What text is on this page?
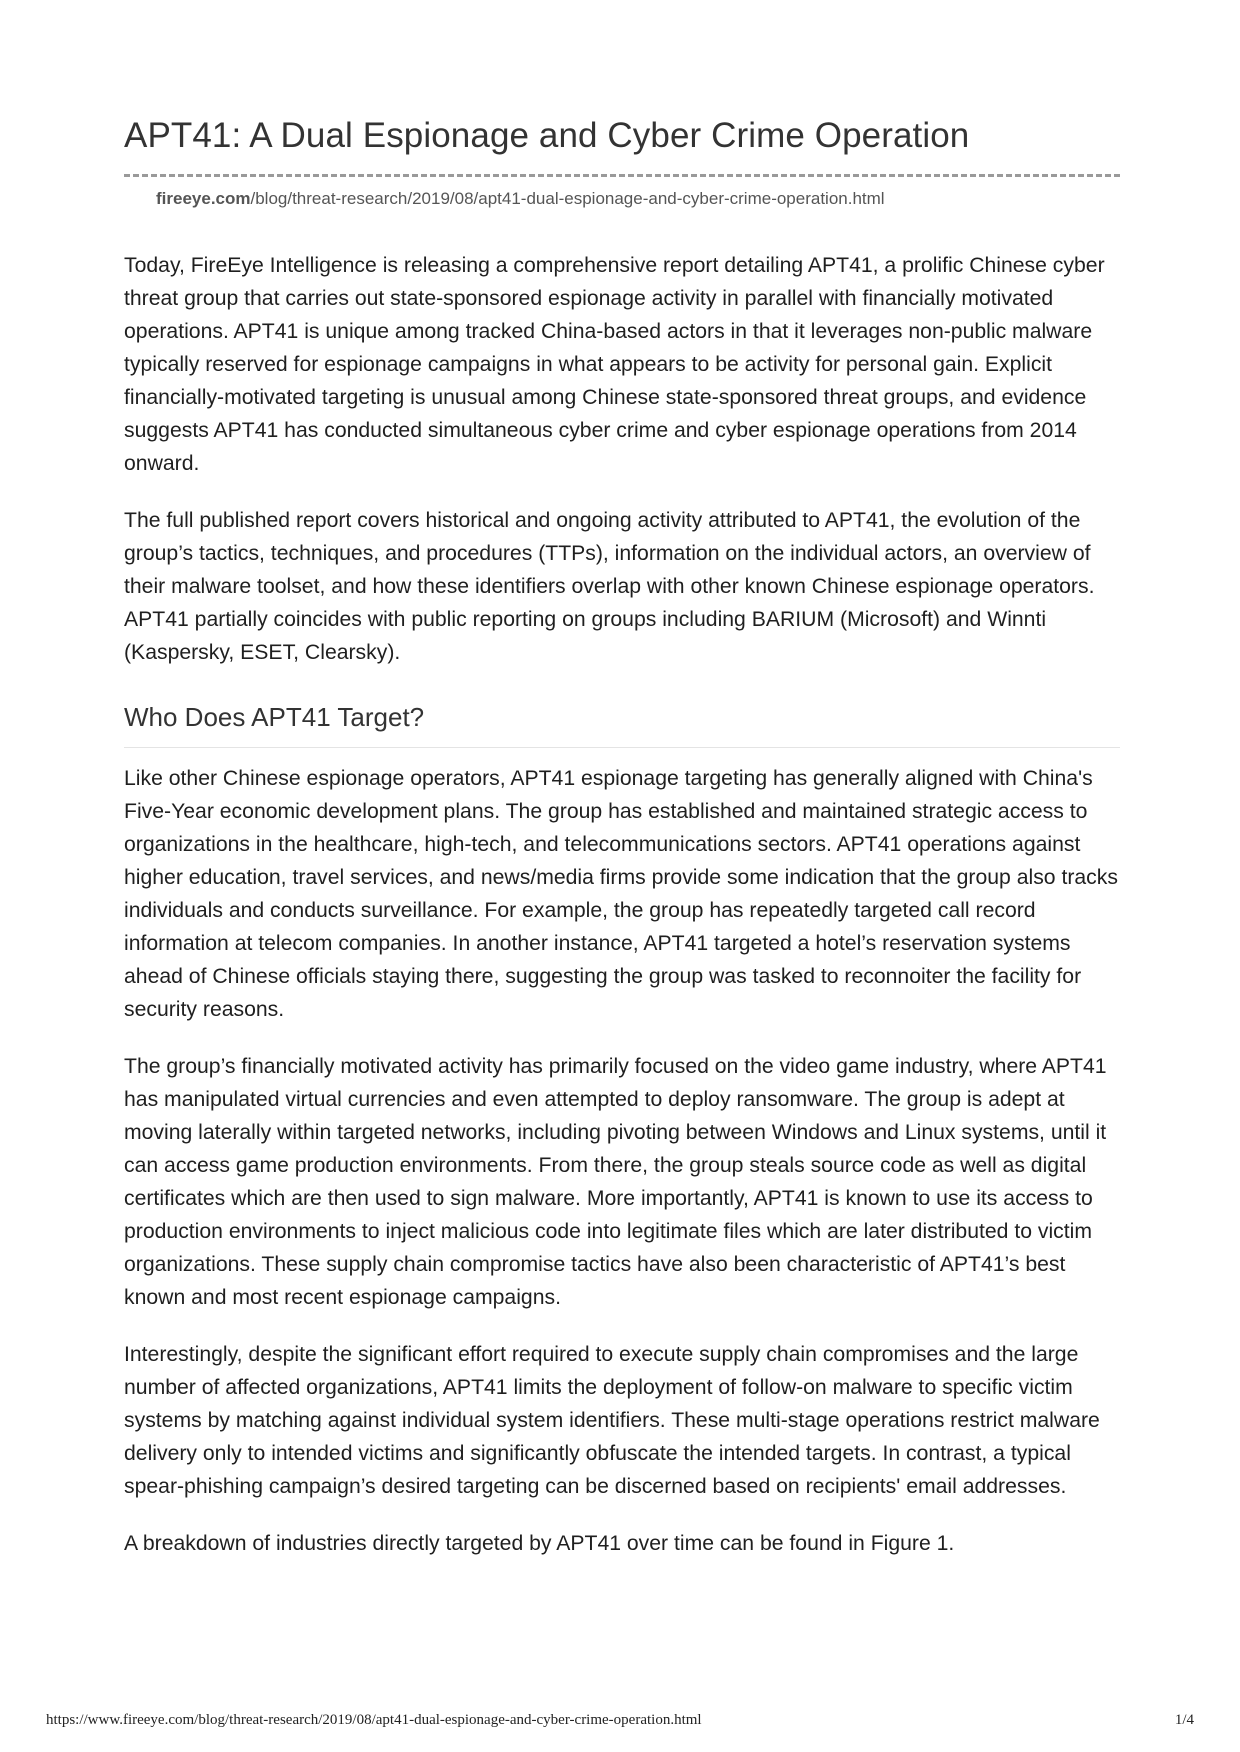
APT41: A Dual Espionage and Cyber Crime Operation
fireeye.com/blog/threat-research/2019/08/apt41-dual-espionage-and-cyber-crime-operation.html

Today, FireEye Intelligence is releasing a comprehensive report detailing APT41, a prolific Chinese cyber threat group that carries out state-sponsored espionage activity in parallel with financially motivated operations. APT41 is unique among tracked China-based actors in that it leverages non-public malware typically reserved for espionage campaigns in what appears to be activity for personal gain. Explicit financially-motivated targeting is unusual among Chinese state-sponsored threat groups, and evidence suggests APT41 has conducted simultaneous cyber crime and cyber espionage operations from 2014 onward.

The full published report covers historical and ongoing activity attributed to APT41, the evolution of the group’s tactics, techniques, and procedures (TTPs), information on the individual actors, an overview of their malware toolset, and how these identifiers overlap with other known Chinese espionage operators. APT41 partially coincides with public reporting on groups including BARIUM (Microsoft) and Winnti (Kaspersky, ESET, Clearsky).

Who Does APT41 Target?

Like other Chinese espionage operators, APT41 espionage targeting has generally aligned with China's Five-Year economic development plans. The group has established and maintained strategic access to organizations in the healthcare, high-tech, and telecommunications sectors. APT41 operations against higher education, travel services, and news/media firms provide some indication that the group also tracks individuals and conducts surveillance. For example, the group has repeatedly targeted call record information at telecom companies. In another instance, APT41 targeted a hotel’s reservation systems ahead of Chinese officials staying there, suggesting the group was tasked to reconnoiter the facility for security reasons.

The group’s financially motivated activity has primarily focused on the video game industry, where APT41 has manipulated virtual currencies and even attempted to deploy ransomware. The group is adept at moving laterally within targeted networks, including pivoting between Windows and Linux systems, until it can access game production environments. From there, the group steals source code as well as digital certificates which are then used to sign malware. More importantly, APT41 is known to use its access to production environments to inject malicious code into legitimate files which are later distributed to victim organizations. These supply chain compromise tactics have also been characteristic of APT41’s best known and most recent espionage campaigns.

Interestingly, despite the significant effort required to execute supply chain compromises and the large number of affected organizations, APT41 limits the deployment of follow-on malware to specific victim systems by matching against individual system identifiers. These multi-stage operations restrict malware delivery only to intended victims and significantly obfuscate the intended targets. In contrast, a typical spear-phishing campaign’s desired targeting can be discerned based on recipients' email addresses.

A breakdown of industries directly targeted by APT41 over time can be found in Figure 1.

https://www.fireeye.com/blog/threat-research/2019/08/apt41-dual-espionage-and-cyber-crime-operation.html	1/4
